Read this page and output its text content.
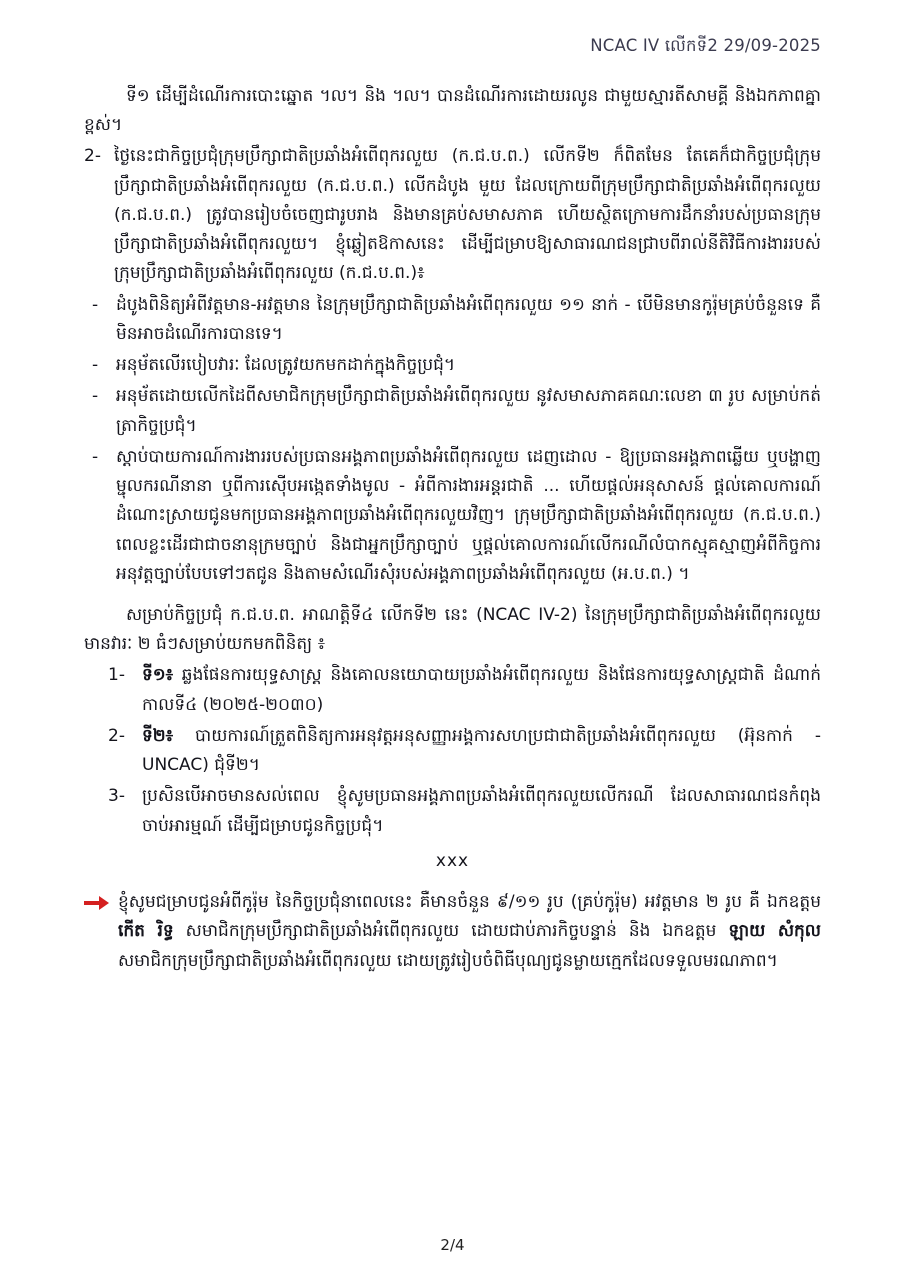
NCAC IV លើកទី2 29/09-2025

ទី១ ដើម្បីដំណើរការបោះឆ្នោត ។ល។ និង ។ល។ បានដំណើរការដោយរលូន ជាមួយស្មារតីសាមគ្គី និងឯកភាពគ្នាខ្ពស់។

2- ថ្ងៃនេះជាកិច្ចប្រជុំក្រុមប្រឹក្សាជាតិប្រឆាំងអំពើពុករលួយ (ក.ជ.ប.ព.) លើកទី២ ក៏ពិតមែន តែគេក៏ជាកិច្ចប្រជុំក្រុមប្រឹក្សាជាតិប្រឆាំងអំពើពុករលួយ (ក.ជ.ប.ព.) លើកដំបូង មួយ ដែលក្រោយពីក្រុមប្រឹក្សាជាតិប្រឆាំងអំពើពុករលួយ (ក.ជ.ប.ព.) ត្រូវបានរៀបចំចេញជារូបរាង និងមានគ្រប់សមាសភាគ ហើយស្ថិតក្រោមការដឹកនាំរបស់ប្រធានក្រុមប្រឹក្សាជាតិប្រឆាំងអំពើពុករលួយ។ ខ្ញុំឆ្លៀតឱកាសនេះ ដើម្បីជម្រាបឱ្យសាធារណជនជ្រាបពីរាល់នីតិវិធីការងាររបស់ក្រុមប្រឹក្សាជាតិប្រឆាំងអំពើពុករលួយ (ក.ជ.ប.ព.)៖
-	ដំបូងពិនិត្យអំពីវត្តមាន-អវត្តមាន នៃក្រុមប្រឹក្សាជាតិប្រឆាំងអំពើពុករលួយ ១១ នាក់ - បើមិនមានកូរ៉ុមគ្រប់ចំនួនទេ គឺមិនអាចដំណើរការបានទេ។
-	អនុម័តលើរបៀបវារៈ ដែលត្រូវយកមកដាក់ក្នុងកិច្ចប្រជុំ។
-	អនុម័តដោយលើកដៃពីសមាជិកក្រុមប្រឹក្សាជាតិប្រឆាំងអំពើពុករលួយ នូវសមាសភាគគណៈលេខា ៣ រូប សម្រាប់កត់ត្រាកិច្ចប្រជុំ។
-	ស្តាប់បាយការណ៍ការងាររបស់ប្រធានអង្គភាពប្រឆាំងអំពើពុករលួយ ដេញដោល - ឱ្យប្រធានអង្គភាពឆ្លើយ ឬបង្ហាញម្ជុលករណីនានា ឬពីការស៊ើបអង្កេតទាំងមូល - អំពីការងារអន្តរជាតិ ... ហើយផ្តល់អនុសាសន៍ ផ្តល់គោលការណ៍ ដំណោះស្រាយជូនមកប្រធានអង្គភាពប្រឆាំងអំពើពុករលួយវិញ។ ក្រុមប្រឹក្សាជាតិប្រឆាំងអំពើពុករលួយ (ក.ជ.ប.ព.) ពេលខ្លះដើរជាជាចនានុក្រមច្បាប់ និងជាអ្នកប្រឹក្សាច្បាប់ ឬផ្តល់គោលការណ៍លើករណីលំបាកស្មុគស្មាញអំពីកិច្ចការអនុវត្តច្បាប់បែបទៅៗតជូន និងតាមសំណើរសុំរបស់អង្គភាពប្រឆាំងអំពើពុករលួយ (អ.ប.ព.) ។

សម្រាប់កិច្ចប្រជុំ ក.ជ.ប.ព. អាណត្តិទី៤ លើកទី២ នេះ (NCAC IV-2) នៃក្រុមប្រឹក្សាជាតិប្រឆាំងអំពើពុករលួយ មានវារៈ ២ ធំៗសម្រាប់យកមកពិនិត្យ ៖

1-	ទី១៖ ឆ្លងផែនការយុទ្ធសាស្រ្ត និងគោលនយោបាយប្រឆាំងអំពើពុករលួយ និងផែនការយុទ្ធសាស្រ្តជាតិ ដំណាក់កាលទី៤ (២០២៥-២០៣០)
2-	ទី២៖ បាយការណ៍ត្រួតពិនិត្យការអនុវត្តអនុសញ្ញាអង្គការសហប្រជាជាតិប្រឆាំងអំពើពុករលួយ (អ៊ុនកាក់ - UNCAC) ជុំទី២។
3-	ប្រសិនបើអាចមានសល់ពេល ខ្ញុំសូមប្រធានអង្គភាពប្រឆាំងអំពើពុករលួយលើករណី ដែលសាធារណជនកំពុងចាប់អារម្មណ៍ ដើម្បីជម្រាបជូនកិច្ចប្រជុំ។
xxx
ខ្ញុំសូមជម្រាបជូនអំពីកូរ៉ុម នៃកិច្ចប្រជុំនាពេលនេះ គឺមានចំនួន ៩/១១ រូប (គ្រប់កូរ៉ុម) អវត្តមាន ២ រូប គឺ ឯកឧត្តម កើត រិទ្ធ សមាជិកក្រុមប្រឹក្សាជាតិប្រឆាំងអំពើពុករលួយ ដោយជាប់ភារកិច្ចបន្ទាន់ និង ឯកឧត្តម ឡាយ សំកុល សមាជិកក្រុមប្រឹក្សាជាតិប្រឆាំងអំពើពុករលួយ ដោយត្រូវរៀបចំពិធីបុណ្យជូនម្លាយក្មេកដែលទទួលមរណភាព។
2/4
